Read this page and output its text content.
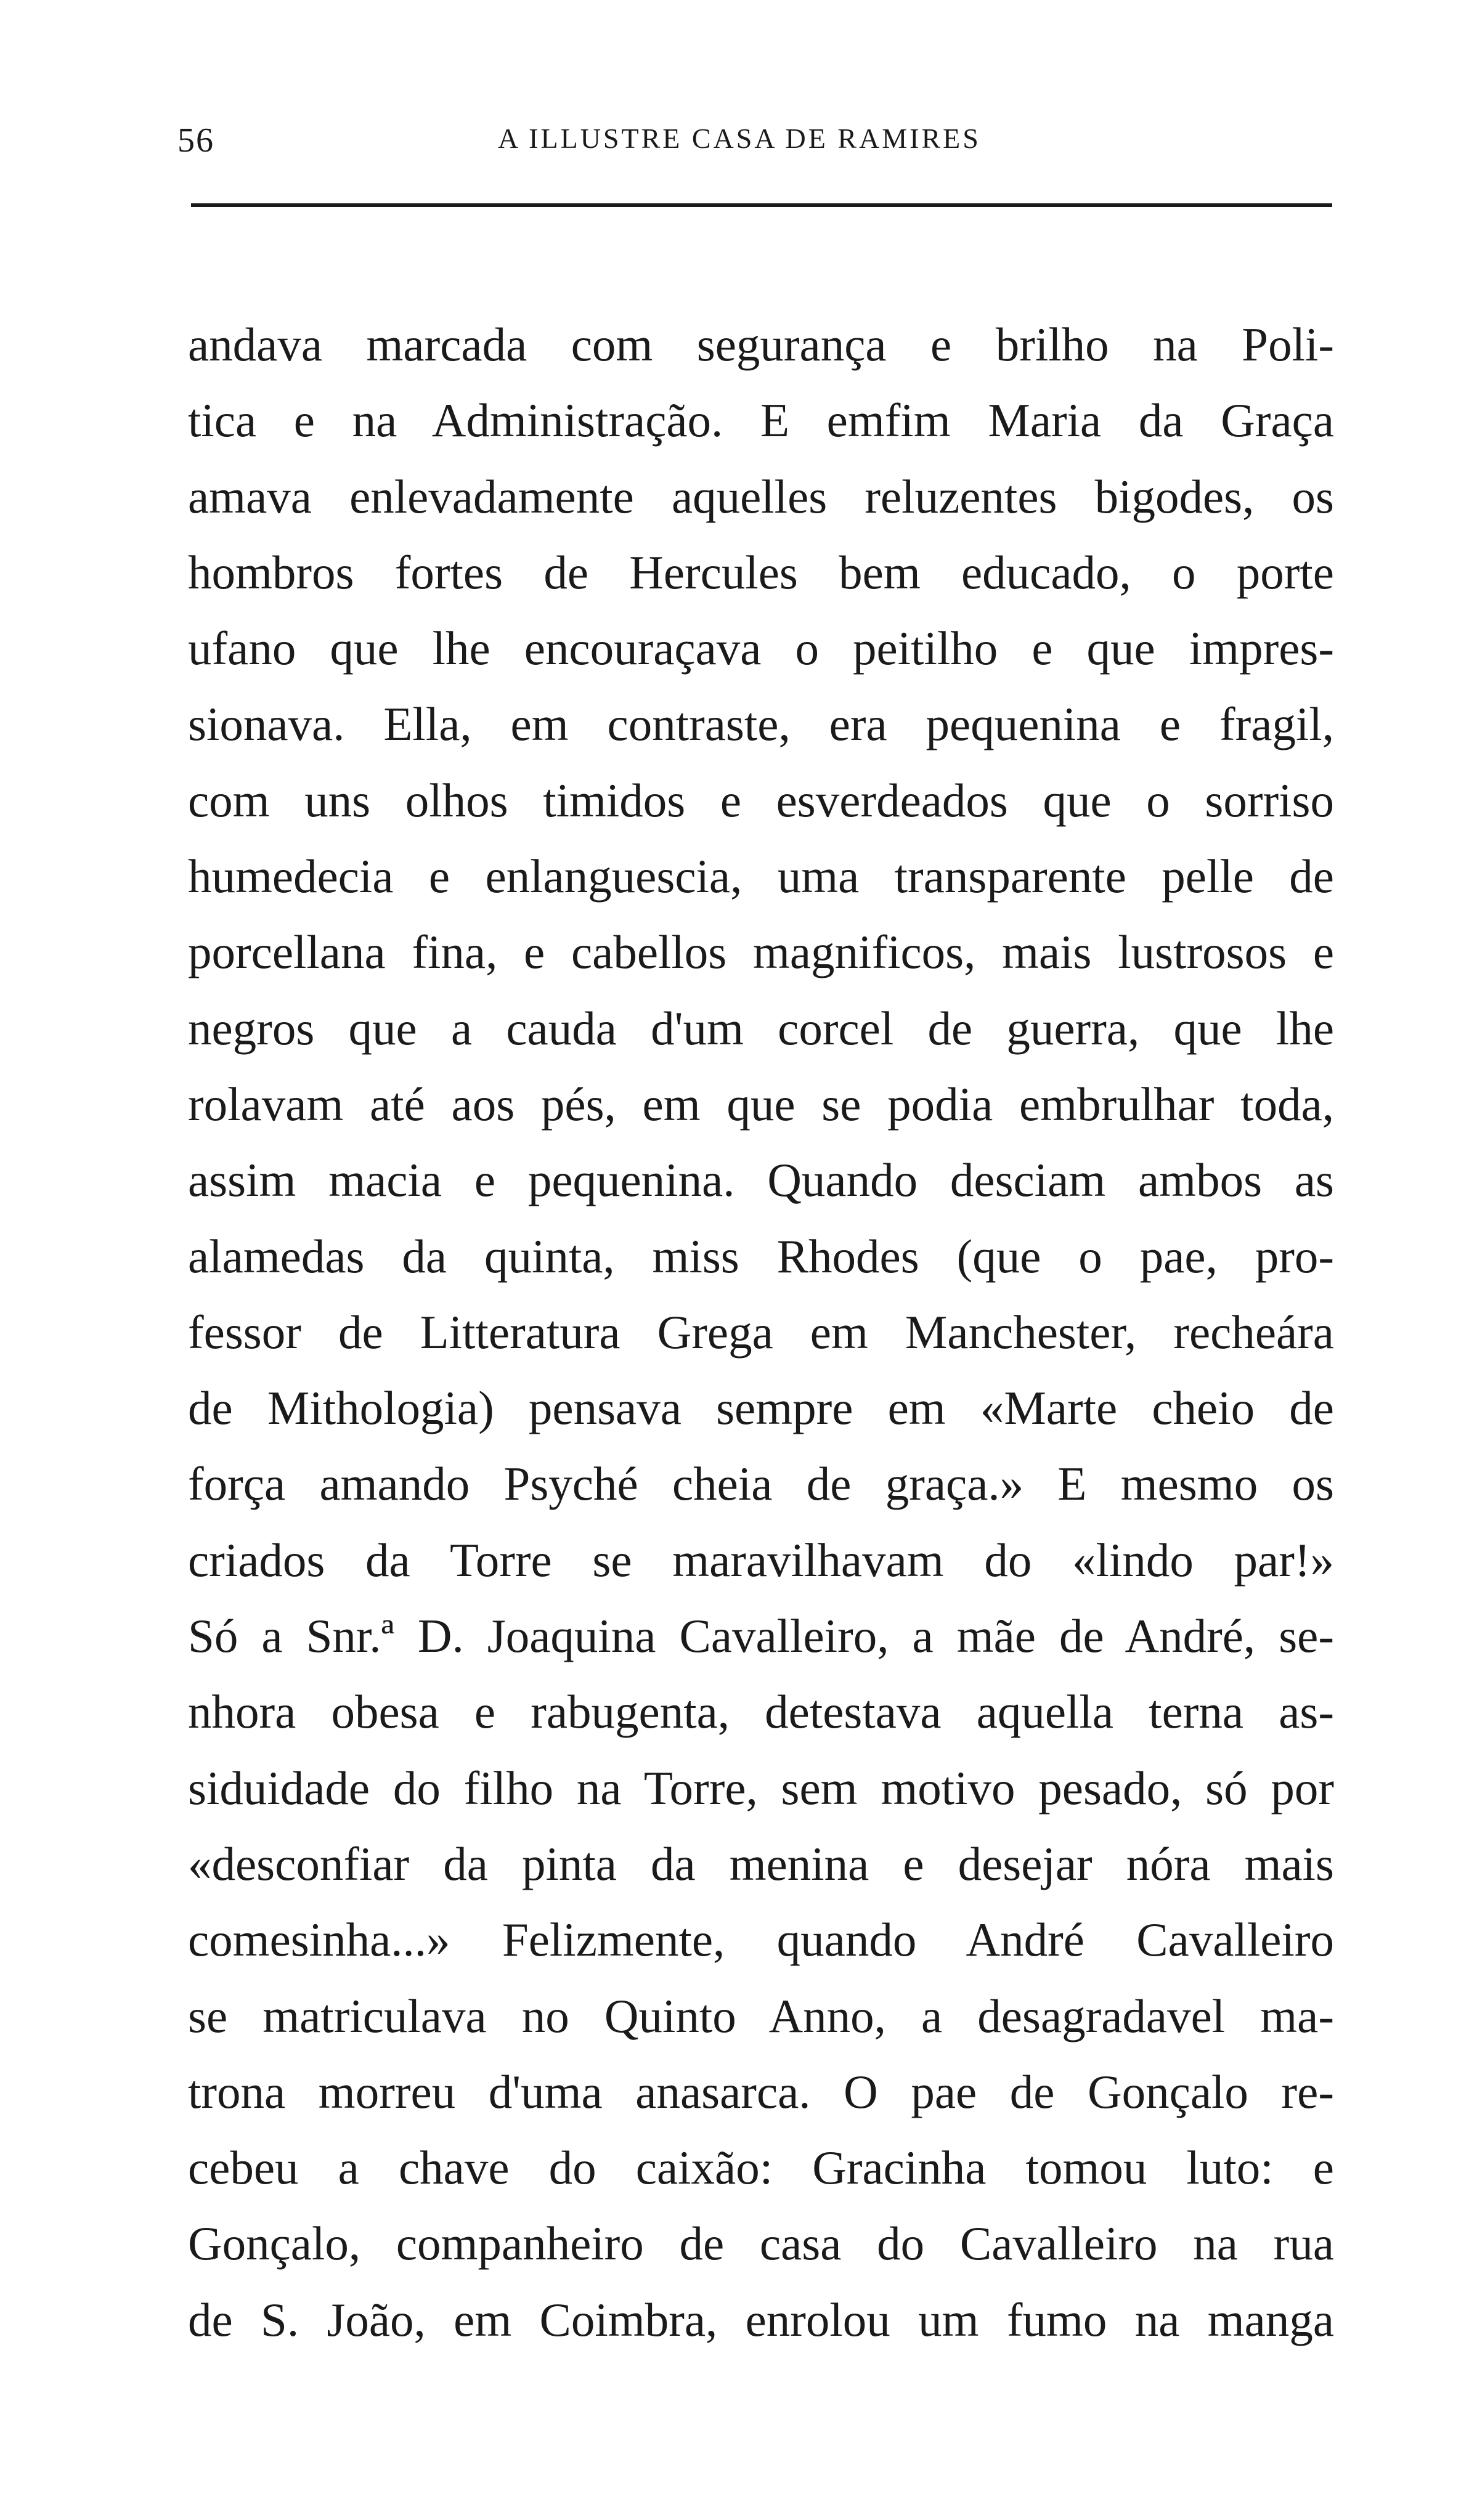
56	A ILLUSTRE CASA DE RAMIRES
andava marcada com segurança e brilho na Poli-
tica e na Administração. E emfim Maria da Graça
amava enlevadamente aquelles reluzentes bigodes, os
hombros fortes de Hercules bem educado, o porte
ufano que lhe encouraçava o peitilho e que impres-
sionava. Ella, em contraste, era pequenina e fragil,
com uns olhos timidos e esverdeados que o sorriso
humedecia e enlanguescia, uma transparente pelle de
porcellana fina, e cabellos magnificos, mais lustrosos e
negros que a cauda d'um corcel de guerra, que lhe
rolavam até aos pés, em que se podia embrulhar toda,
assim macia e pequenina. Quando desciam ambos as
alamedas da quinta, miss Rhodes (que o pae, pro-
fessor de Litteratura Grega em Manchester, recheára
de Mithologia) pensava sempre em «Marte cheio de
força amando Psyché cheia de graça.» E mesmo os
criados da Torre se maravilhavam do «lindo par!»
Só a Snr.ª D. Joaquina Cavalleiro, a mãe de André, se-
nhora obesa e rabugenta, detestava aquella terna as-
siduidade do filho na Torre, sem motivo pesado, só por
«desconfiar da pinta da menina e desejar nóra mais
comesinha...» Felizmente, quando André Cavalleiro
se matriculava no Quinto Anno, a desagradavel ma-
trona morreu d'uma anasarca. O pae de Gonçalo re-
cebeu a chave do caixão: Gracinha tomou luto: e
Gonçalo, companheiro de casa do Cavalleiro na rua
de S. João, em Coimbra, enrolou um fumo na manga
